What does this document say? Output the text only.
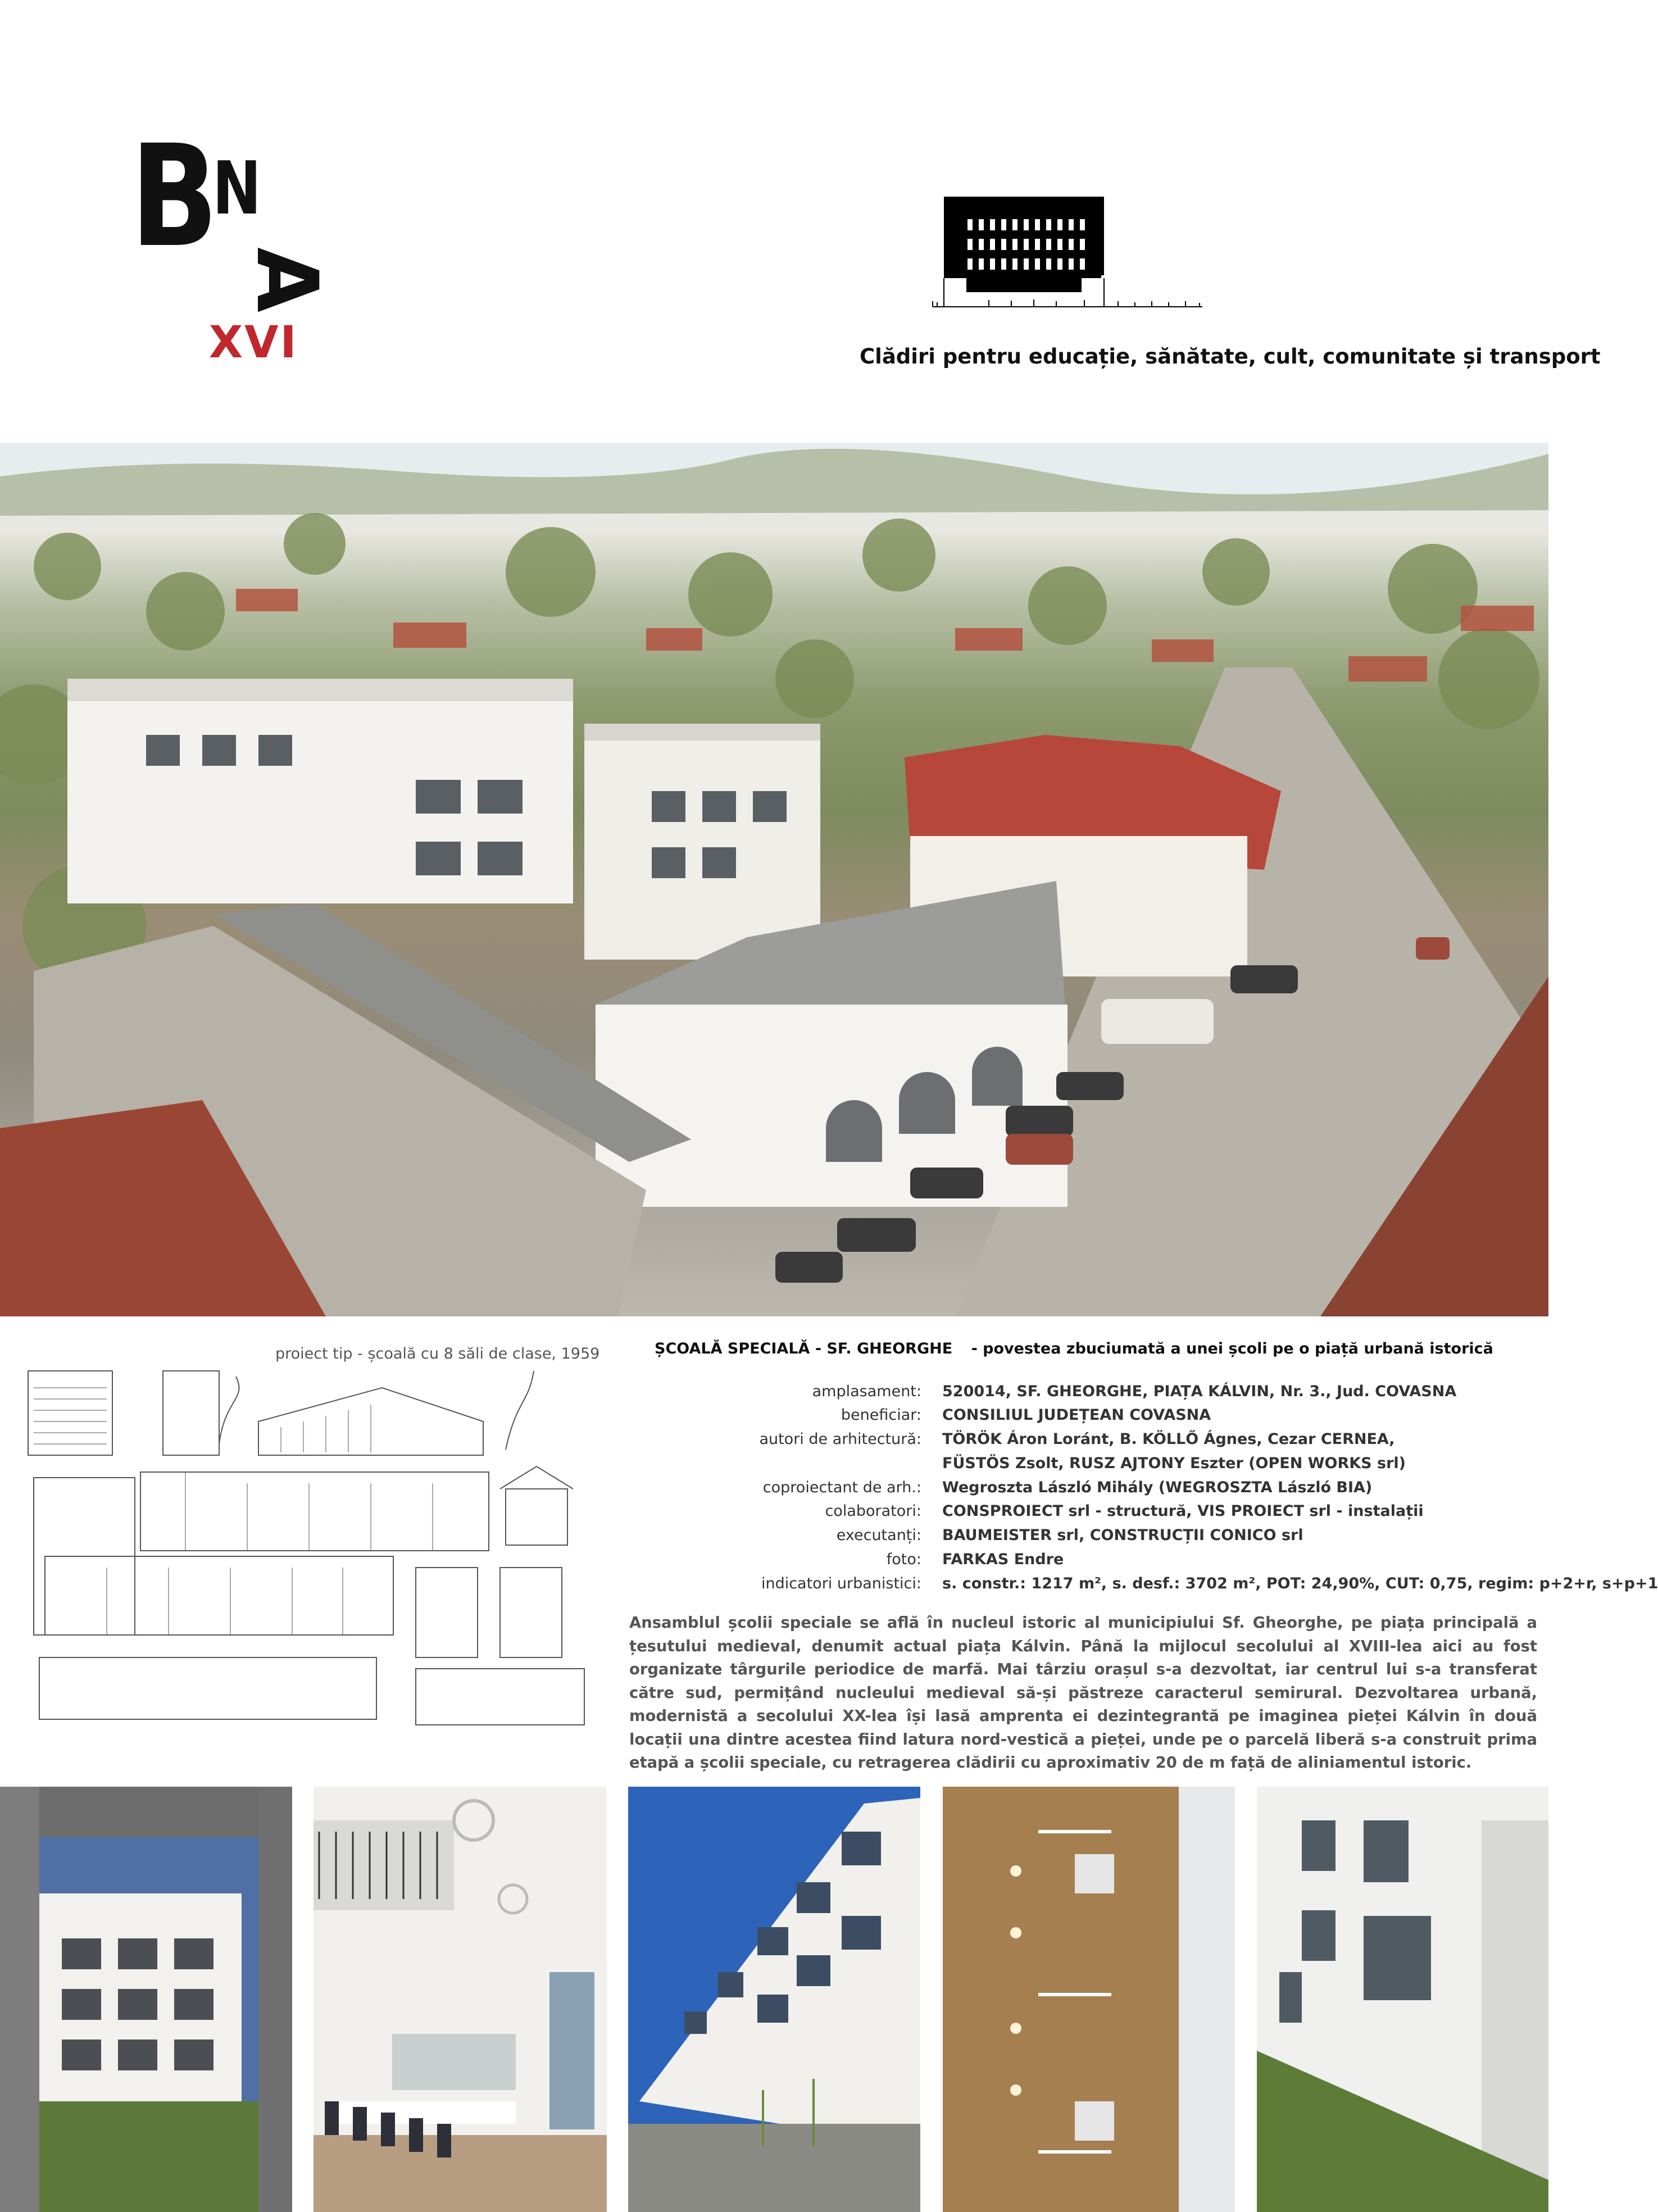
B
N
A
XVI	Clădiri pentru educație, sănătate, cult, comunitate și transport
proiect tip - școală cu 8 săli de clase, 1959	ȘCOALĂ SPECIALĂ - SF. GHEORGHE - povestea zbuciumată a unei școli pe o piață urbană istorică
amplasament: 520014, SF. GHEORGHE, PIAȚA KÁLVIN, Nr. 3., Jud. COVASNA
beneficiar: CONSILIUL JUDEȚEAN COVASNA
autori de arhitectură: TÖRÖK Áron Loránt, B. KÖLLŐ Ágnes, Cezar CERNEA,
FÜSTÖS Zsolt, RUSZ AJTONY Eszter (OPEN WORKS srl)
coproiectant de arh.: Wegroszta László Mihály (WEGROSZTA László BIA)
colaboratori: CONSPROIECT srl - structură, VIS PROIECT srl - instalații
executanți: BAUMEISTER srl, CONSTRUCȚII CONICO srl
foto: FARKAS Endre
indicatori urbanistici: s. constr.: 1217 m², s. desf.: 3702 m², POT: 24,90%, CUT: 0,75, regim: p+2+r, s+p+1
Ansamblul școlii speciale se află în nucleul istoric al municipiului Sf. Gheorghe, pe piața principală a țesutului medieval, denumit actual piața Kálvin. Până la mijlocul secolului al XVIII-lea aici au fost organizate târgurile periodice de marfă. Mai târziu orașul s-a dezvoltat, iar centrul lui s-a transferat către sud, permițând nucleului medieval să-și păstreze caracterul semirural. Dezvoltarea urbană, modernistă a secolului XX-lea își lasă amprenta ei dezintegrantă pe imaginea pieței Kálvin în două locații una dintre acestea fiind latura nord-vestică a pieței, unde pe o parcelă liberă s-a construit prima etapă a școlii speciale, cu retragerea clădirii cu aproximativ 20 de m față de aliniamentul istoric.
